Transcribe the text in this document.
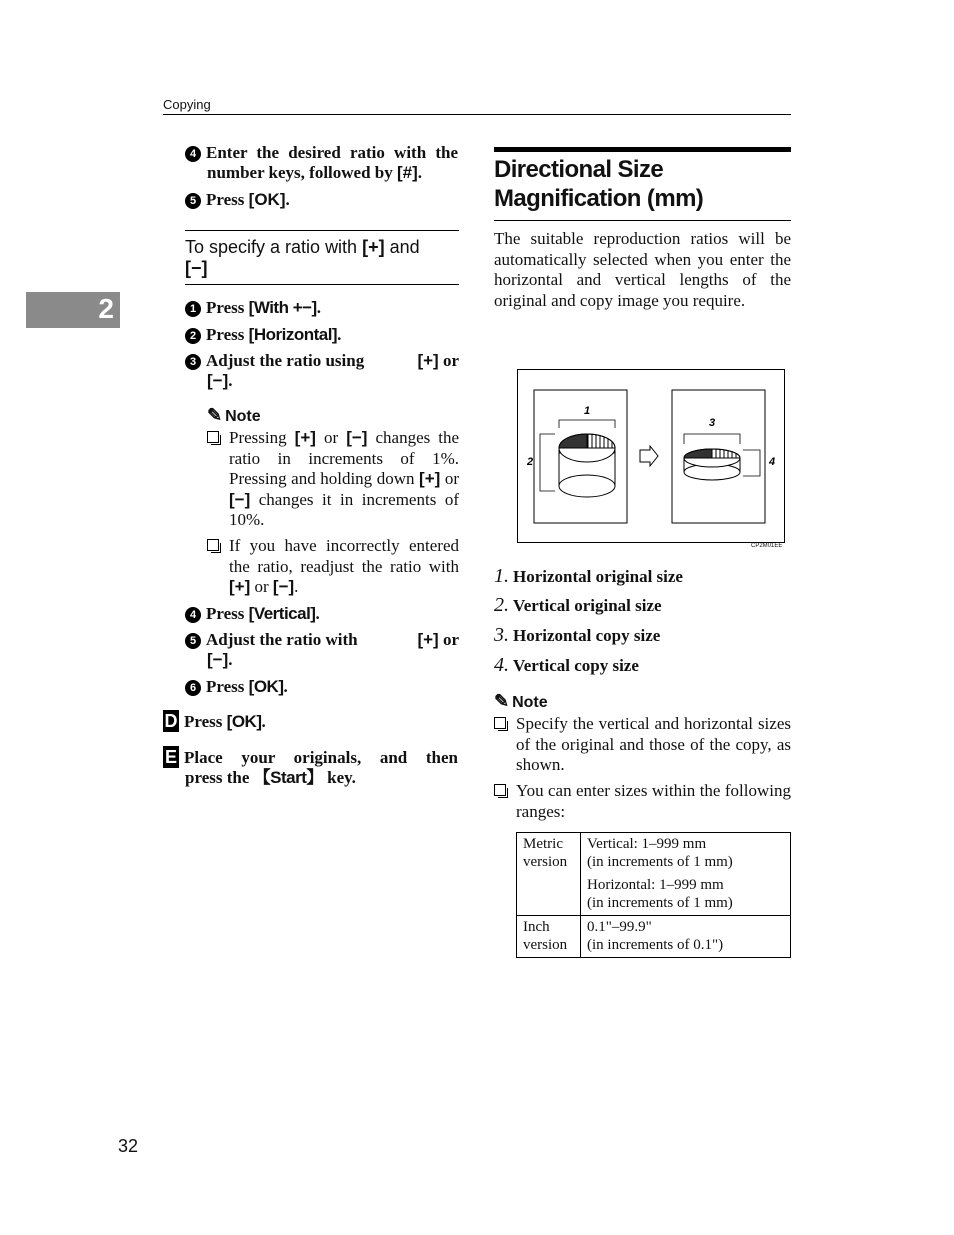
Copying
2
4 Enter the desired ratio with the
number keys, followed by [#].
5 Press [OK].
To specify a ratio with [+] and
[−]
1 Press [With +−].
2 Press [Horizontal].
3 Adjust the ratio using	[+] or
[−].
✎ Note
Pressing [+] or [−] changes the ratio in increments of 1%. Pressing and holding down [+] or [−] changes it in increments of 10%.
If you have incorrectly entered the ratio, readjust the ratio with [+] or [−].
4 Press [Vertical].
5 Adjust the ratio with	[+] or
[−].
6 Press [OK].
D Press [OK].
E Place your originals, and then
press the 【Start】 key.
Directional Size Magnification (mm)
The suitable reproduction ratios will be automatically selected when you enter the horizontal and vertical lengths of the original and copy image you require.
1
2
3
4
CP2M01EE
1. Horizontal original size
2. Vertical original size
3. Horizontal copy size
4. Vertical copy size
✎ Note
Specify the vertical and horizontal sizes of the original and those of the copy, as shown.
You can enter sizes within the following ranges:
Metric version	Vertical: 1–999 mm
(in increments of 1 mm)
Horizontal: 1–999 mm
(in increments of 1 mm)

Inch version	0.1"–99.9"
(in increments of 0.1")
32
